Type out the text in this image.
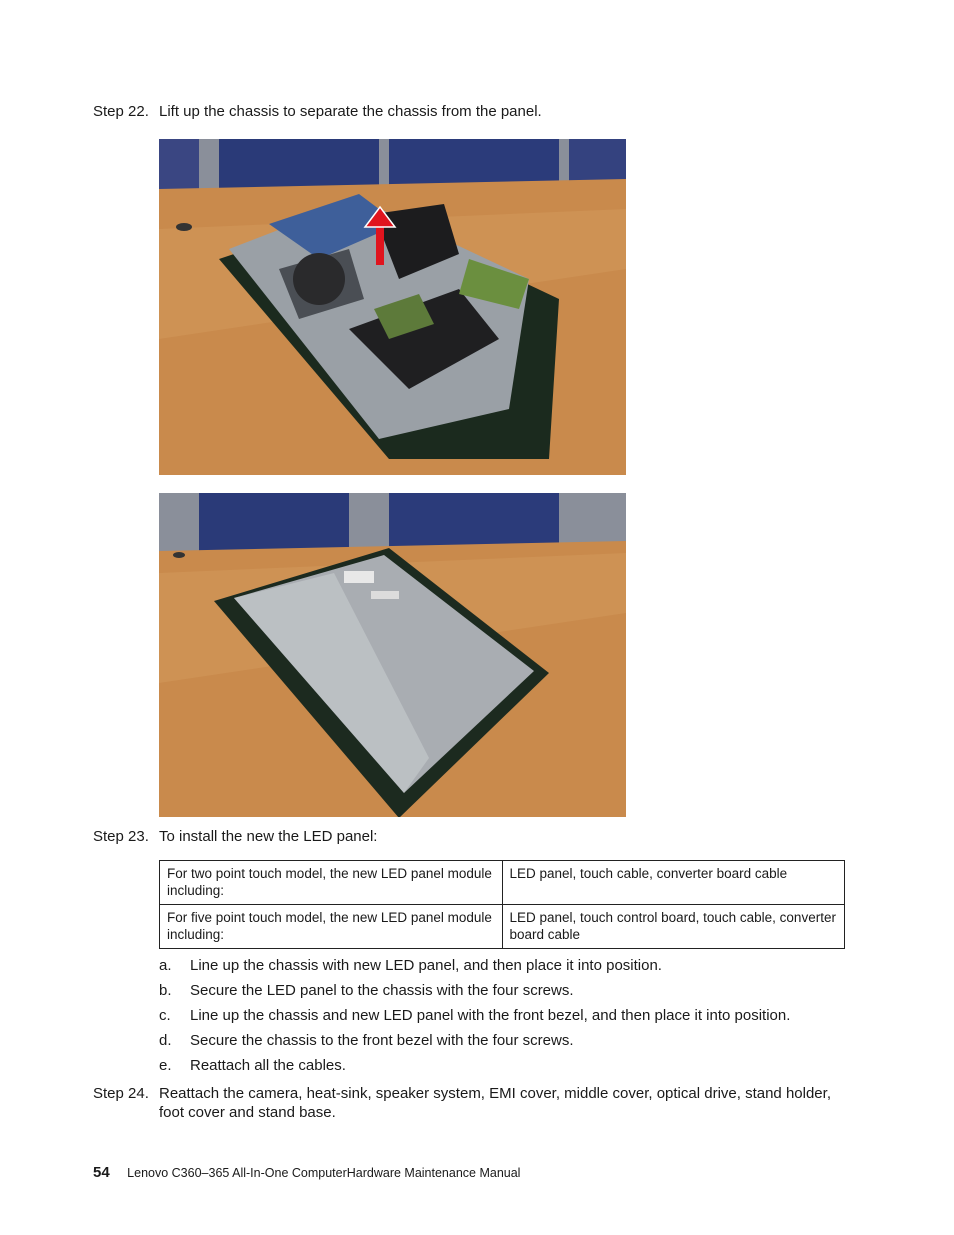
Step 22. Lift up the chassis to separate the chassis from the panel.
Step 23. To install the new the LED panel:
For two point touch model, the new LED panel module including:	LED panel, touch cable, converter board cable
For five point touch model, the new LED panel module including:	LED panel, touch control board, touch cable, converter board cable
a. Line up the chassis with new LED panel, and then place it into position.
b. Secure the LED panel to the chassis with the four screws.
c. Line up the chassis and new LED panel with the front bezel, and then place it into position.
d. Secure the chassis to the front bezel with the four screws.
e. Reattach all the cables.
Step 24. Reattach the camera, heat-sink, speaker system, EMI cover, middle cover, optical drive, stand holder, foot cover and stand base.
54 Lenovo C360–365 All-In-One ComputerHardware Maintenance Manual
